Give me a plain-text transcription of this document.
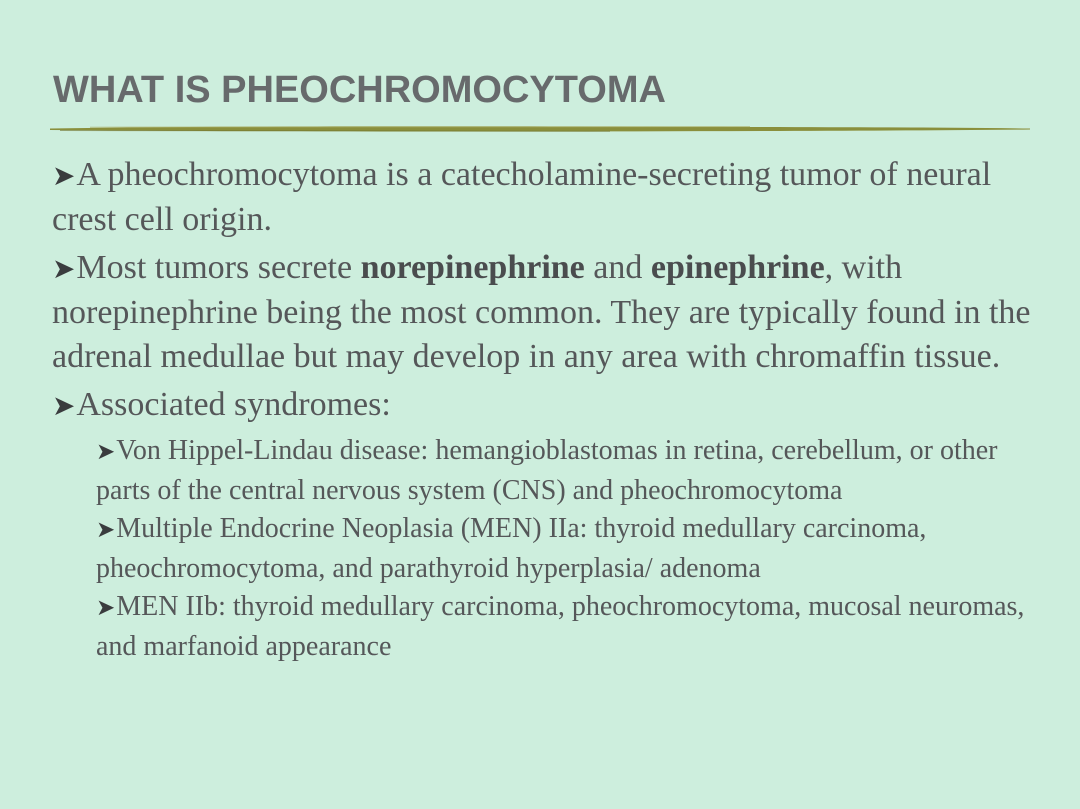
WHAT IS PHEOCHROMOCYTOMA

➤A pheochromocytoma is a catecholamine-secreting tumor of neural crest cell origin.

➤Most tumors secrete norepinephrine and epinephrine, with norepinephrine being the most common. They are typically found in the adrenal medullae but may develop in any area with chromaffin tissue.

➤Associated syndromes:

➤Von Hippel-Lindau disease: hemangioblastomas in retina, cerebellum, or other parts of the central nervous system (CNS) and pheochromocytoma

➤Multiple Endocrine Neoplasia (MEN) IIa: thyroid medullary carcinoma, pheochromocytoma, and parathyroid hyperplasia/ adenoma

➤MEN IIb: thyroid medullary carcinoma, pheochromocytoma, mucosal neuromas, and marfanoid appearance
